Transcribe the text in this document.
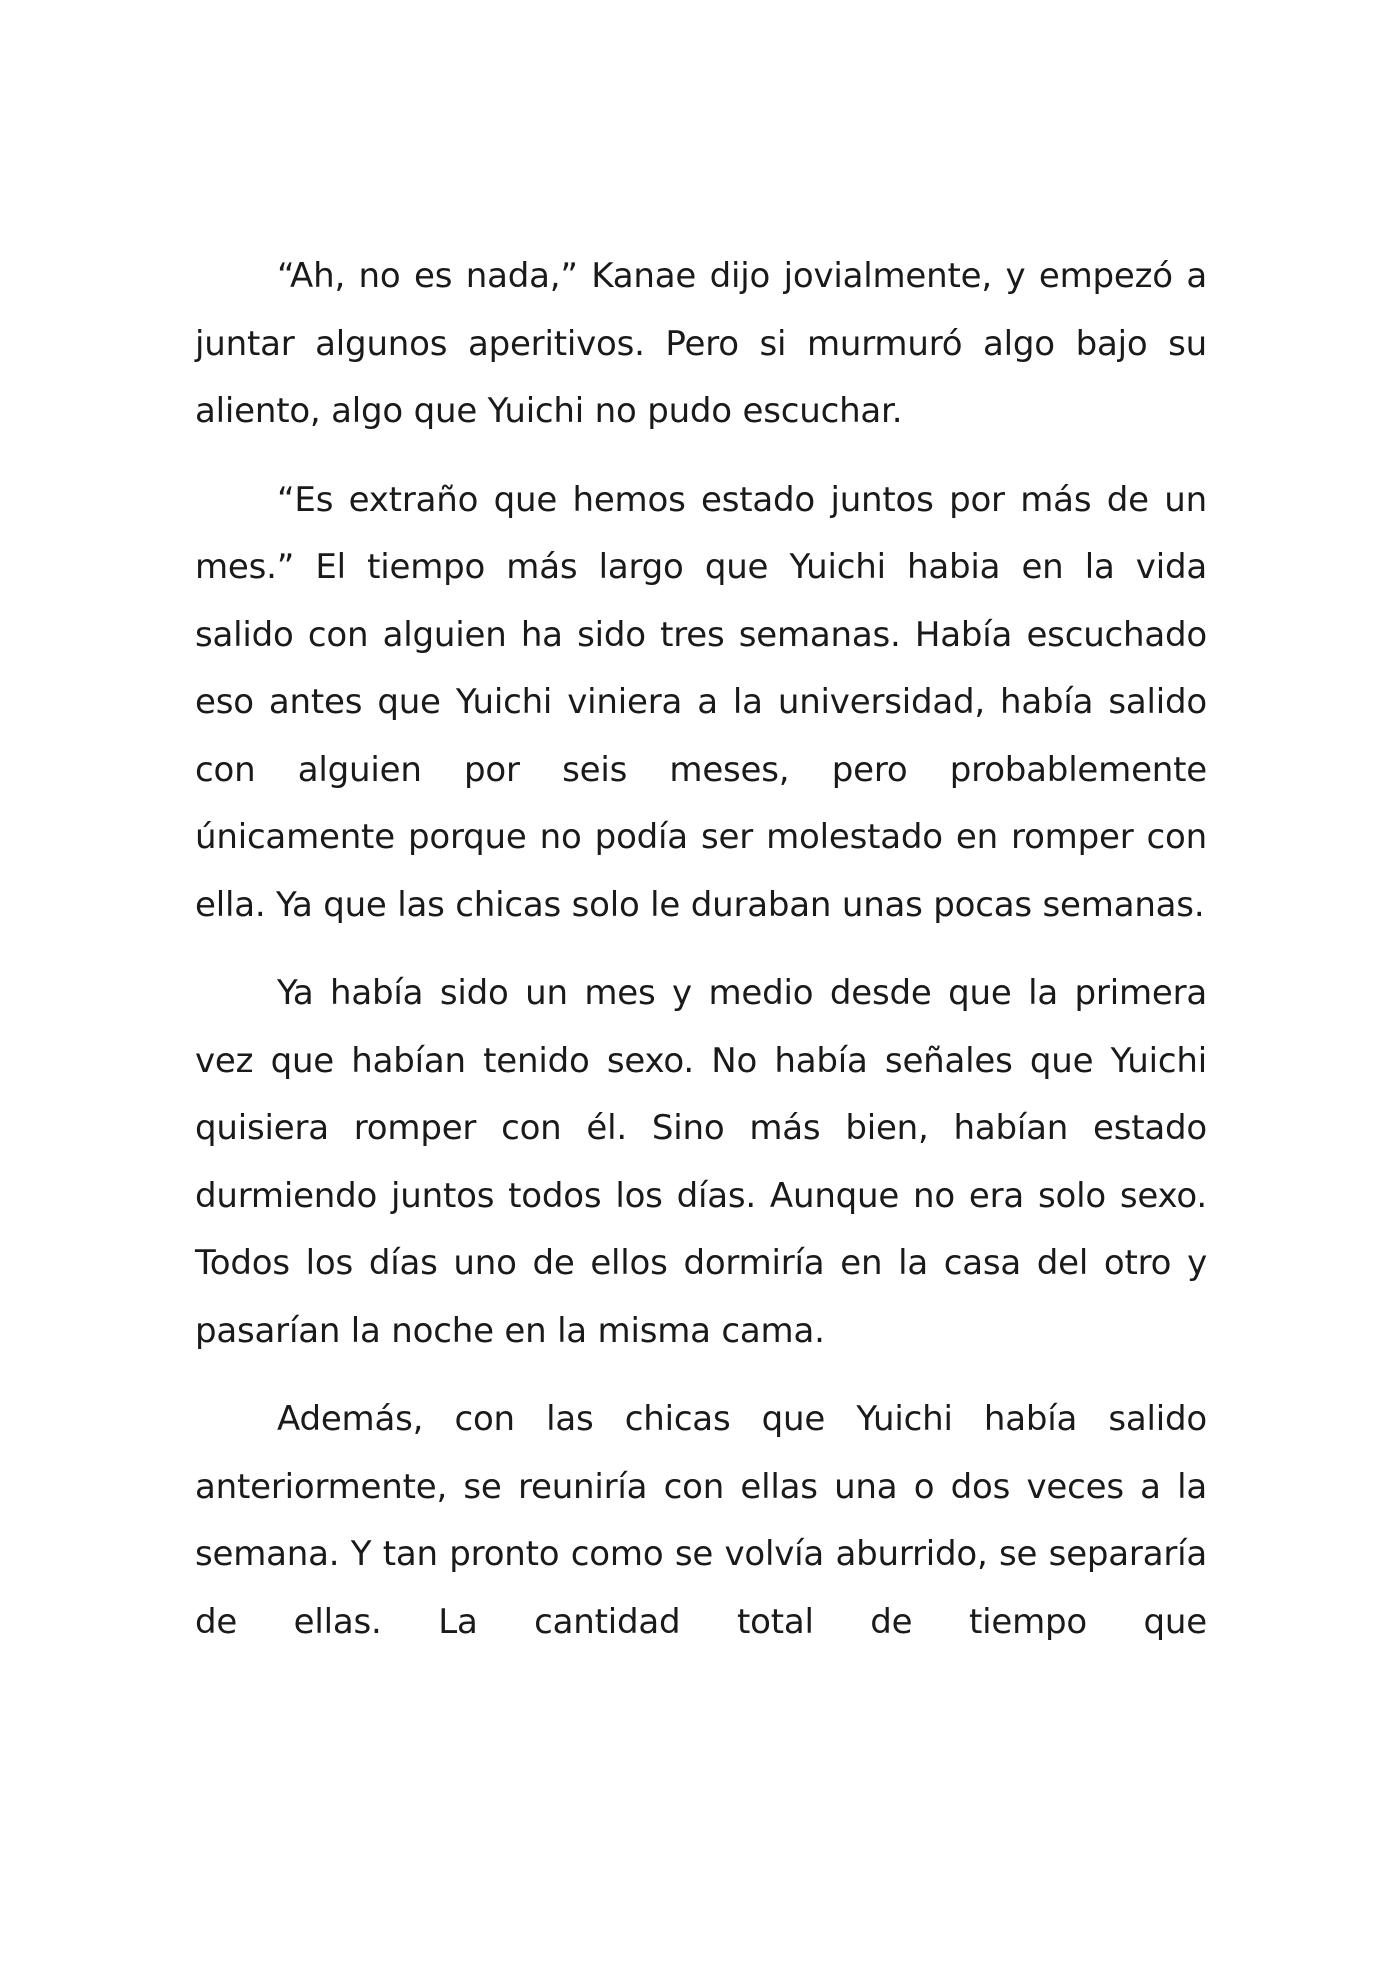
“Ah, no es nada,” Kanae dijo jovialmente, y empezó a juntar algunos aperitivos. Pero si murmuró algo bajo su aliento, algo que Yuichi no pudo escuchar.

“Es extraño que hemos estado juntos por más de un mes.” El tiempo más largo que Yuichi habia en la vida salido con alguien ha sido tres semanas. Había escuchado eso antes que Yuichi viniera a la universidad, había salido con alguien por seis meses, pero probablemente únicamente porque no podía ser molestado en romper con ella. Ya que las chicas solo le duraban unas pocas semanas.

Ya había sido un mes y medio desde que la primera vez que habían tenido sexo. No había señales que Yuichi quisiera romper con él. Sino más bien, habían estado durmiendo juntos todos los días. Aunque no era solo sexo. Todos los días uno de ellos dormiría en la casa del otro y pasarían la noche en la misma cama.

Además, con las chicas que Yuichi había salido anteriormente, se reuniría con ellas una o dos veces a la semana. Y tan pronto como se volvía aburrido, se separaría de ellas. La cantidad total de tiempo que
